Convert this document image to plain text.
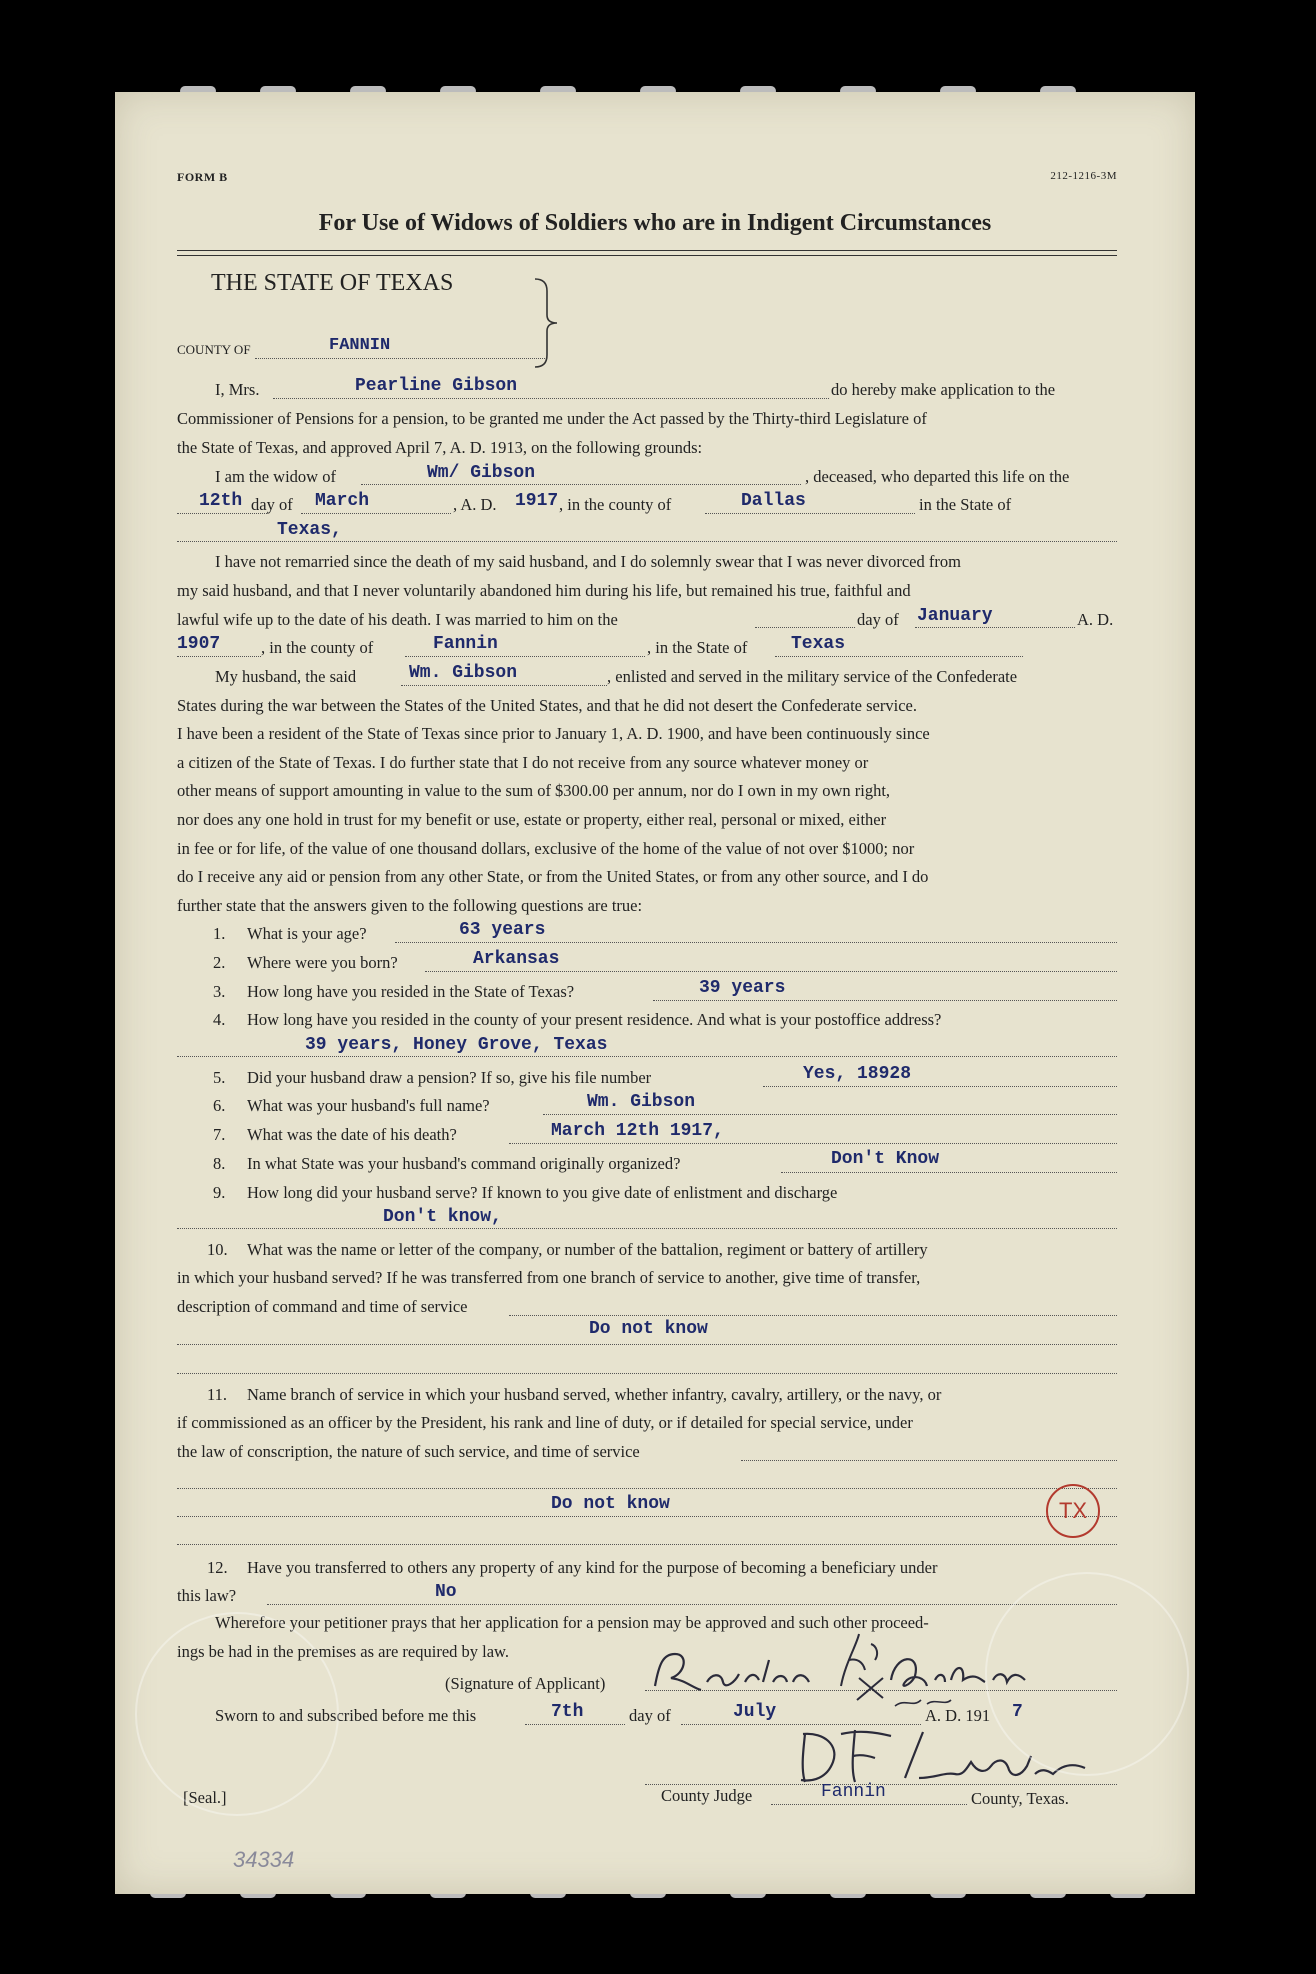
FORM B	212-1216-3M
For Use of Widows of Soldiers who are in Indigent Circumstances
THE STATE OF TEXAS
COUNTY OF	FANNIN
I, Mrs.	Pearline Gibson	do hereby make application to the
Commissioner of Pensions for a pension, to be granted me under the Act passed by the Thirty-third Legislature of
the State of Texas, and approved April 7, A. D. 1913, on the following grounds:
I am the widow of	Wm/ Gibson	, deceased, who departed this life on the
12th day of March	, A. D. 1917 , in the county of	Dallas	in the State of
Texas,
I have not remarried since the death of my said husband, and I do solemnly swear that I was never divorced from
my said husband, and that I never voluntarily abandoned him during his life, but remained his true, faithful and
lawful wife up to the date of his death. I was married to him on the	day of January	A. D.
1907 , in the county of	Fannin	, in the State of Texas
My husband, the said	Wm. Gibson	, enlisted and served in the military service of the Confederate
States during the war between the States of the United States, and that he did not desert the Confederate service.
I have been a resident of the State of Texas since prior to January 1, A. D. 1900, and have been continuously since
a citizen of the State of Texas. I do further state that I do not receive from any source whatever money or
other means of support amounting in value to the sum of $300.00 per annum, nor do I own in my own right,
nor does any one hold in trust for my benefit or use, estate or property, either real, personal or mixed, either
in fee or for life, of the value of one thousand dollars, exclusive of the home of the value of not over $1000; nor
do I receive any aid or pension from any other State, or from the United States, or from any other source, and I do
further state that the answers given to the following questions are true:
1. What is your age?	63 years
2. Where were you born?	Arkansas
3. How long have you resided in the State of Texas?	39 years
4. How long have you resided in the county of your present residence. And what is your postoffice address?
39 years, Honey Grove, Texas
5. Did your husband draw a pension? If so, give his file number	Yes, 18928
6. What was your husband's full name?	Wm. Gibson
7. What was the date of his death?	March 12th 1917,
8. In what State was your husband's command originally organized?	Don't Know
9. How long did your husband serve? If known to you give date of enlistment and discharge
Don't know,
10. What was the name or letter of the company, or number of the battalion, regiment or battery of artillery
in which your husband served? If he was transferred from one branch of service to another, give time of transfer,
description of command and time of service
Do not know
11. Name branch of service in which your husband served, whether infantry, cavalry, artillery, or the navy, or
if commissioned as an officer by the President, his rank and line of duty, or if detailed for special service, under
the law of conscription, the nature of such service, and time of service
Do not know	TX
12. Have you transferred to others any property of any kind for the purpose of becoming a beneficiary under
this law?	No
Wherefore your petitioner prays that her application for a pension may be approved and such other proceed-
ings be had in the premises as are required by law.
(Signature of Applicant)
Sworn to and subscribed before me this	7th	day of	July	A. D. 191 7
[Seal.]	County Judge	Fannin	County, Texas.
34334
